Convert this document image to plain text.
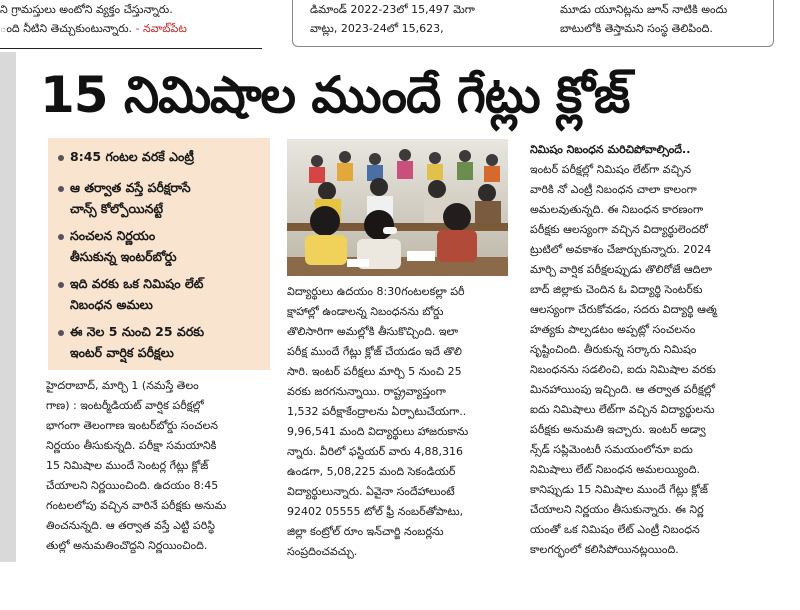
ని గ్రామస్తులు అంటోని వ్యక్తం చేస్తున్నారు.
ంది నీటిని తెచ్చుకుంటున్నారు. - నవాబ్‌పేట
డిమాండ్ 2022-23లో 15,497 మెగా
వాట్లు, 2023-24లో 15,623,
మూడు యూనిట్లను జూన్ నాటికి అందు
బాటులోకి తెస్తామని సంస్థ తెలిపింది.
15 నిమిషాల ముందే గేట్లు క్లోజ్
8:45 గంటల వరకే ఎంట్రీ
ఆ తర్వాత వస్తే పరీక్షరాసే
చాన్స్ కోల్పోయినట్టే
సంచలన నిర్ణయం
తీసుకున్న ఇంటర్‌బోర్డు
ఇది వరకు ఒక నిమిషం లేట్
నిబంధన అమలు
ఈ నెల 5 నుంచి 25 వరకు
ఇంటర్ వార్షిక పరీక్షలు
హైదరాబాద్, మార్చి 1 (నమస్తే తెలం
గాణ) : ఇంటర్మీడియట్ వార్షిక పరీక్షల్లో
భాగంగా తెలంగాణ ఇంటర్‌బోర్డు సంచలన
నిర్ణయం తీసుకున్నది. పరీక్షా సమయానికి
15 నిమిషాల ముందే సెంటర్ల గేట్లు క్లోజ్
చేయాలని నిర్ణయించింది. ఉదయం 8:45
గంటలలోపు వచ్చిన వారినే పరీక్షకు అనుమ
తించనున్నది. ఆ తర్వాత వస్తే ఎట్టి పరిస్థి
తుల్లో అనుమతించొద్దని నిర్ణయించింది.
విద్యార్థులు ఉదయం 8:30గంటలకల్లా పరీ
క్షాహాల్లో ఉండాలన్న నిబంధనను బోర్డు
తొలిసారిగా అమల్లోకి తీసుకొచ్చింది. ఇలా
పరీక్ష ముందే గేట్లు క్లోజ్ చేయడం ఇదే తొలి
సారి. ఇంటర్ పరీక్షలు మార్చి 5 నుంచి 25
వరకు జరగనున్నాయి. రాష్ట్రవ్యాప్తంగా
1,532 పరీక్షాకేంద్రాలను ఏర్పాటుచేయగా..
9,96,541 మంది విద్యార్థులు హాజరుకాను
న్నారు. వీరిలో ఫస్టియర్ వారు 4,88,316
ఉండగా, 5,08,225 మంది సెకండియర్
విద్యార్థులున్నారు. ఏవైనా సందేహాలుంటే
92402 05555 టోల్ ఫ్రీ నంబర్‌తోపాటు,
జిల్లా కంట్రోల్ రూం ఇన్‌చార్జి నంబర్లను
సంప్రదించవచ్చు.
నిమిషం నిబంధన మరిచిపోవాల్సిందే..
ఇంటర్ పరీక్షల్లో నిమిషం లేట్‌గా వచ్చిన
వారికి నో ఎంట్రీ నిబంధన చాలా కాలంగా
అమలవుతున్నది. ఈ నిబంధన కారణంగా
పరీక్షకు ఆలస్యంగా వచ్చిన విద్యార్థులెందరో
ట్రుటిలో అవకాశం చేజార్చుకున్నారు. 2024
మార్చి వార్షిక పరీక్షలప్పుడు తొలిరోజే ఆదిలా
బాద్ జిల్లాకు చెందిన ఓ విద్యార్థి సెంటర్‌కు
ఆలస్యంగా చేరుకోవడం, సదరు విద్యార్థి ఆత్మ
హత్యకు పాల్పడటం అప్పట్లో సంచలనం
సృష్టించింది. తీరుకున్న సర్కారు నిమిషం
నిబంధనను సడలించి, ఐదు నిమిషాల వరకు
మినహాయింపు ఇచ్చింది. ఆ తర్వాత పరీక్షల్లో
ఐదు నిమిషాలు లేట్‌గా వచ్చిన విద్యార్థులను
పరీక్షకు అనుమతి ఇచ్చారు. ఇంటర్ అడ్వా
న్స్‌డ్ సప్లిమెంటరీ సమయంలోనూ ఐదు
నిమిషాలు లేట్ నిబంధన అమలయ్యింది.
కానిప్పుడు 15 నిమిషాల ముందే గేట్లు క్లోజ్
చేయాలని నిర్ణయం తీసుకున్నారు. ఈ నిర్ణ
యంతో ఒక నిమిషం లేట్ ఎంట్రీ నిబంధన
కాలగర్భంలో కలిసిపోయినట్లయింది.
